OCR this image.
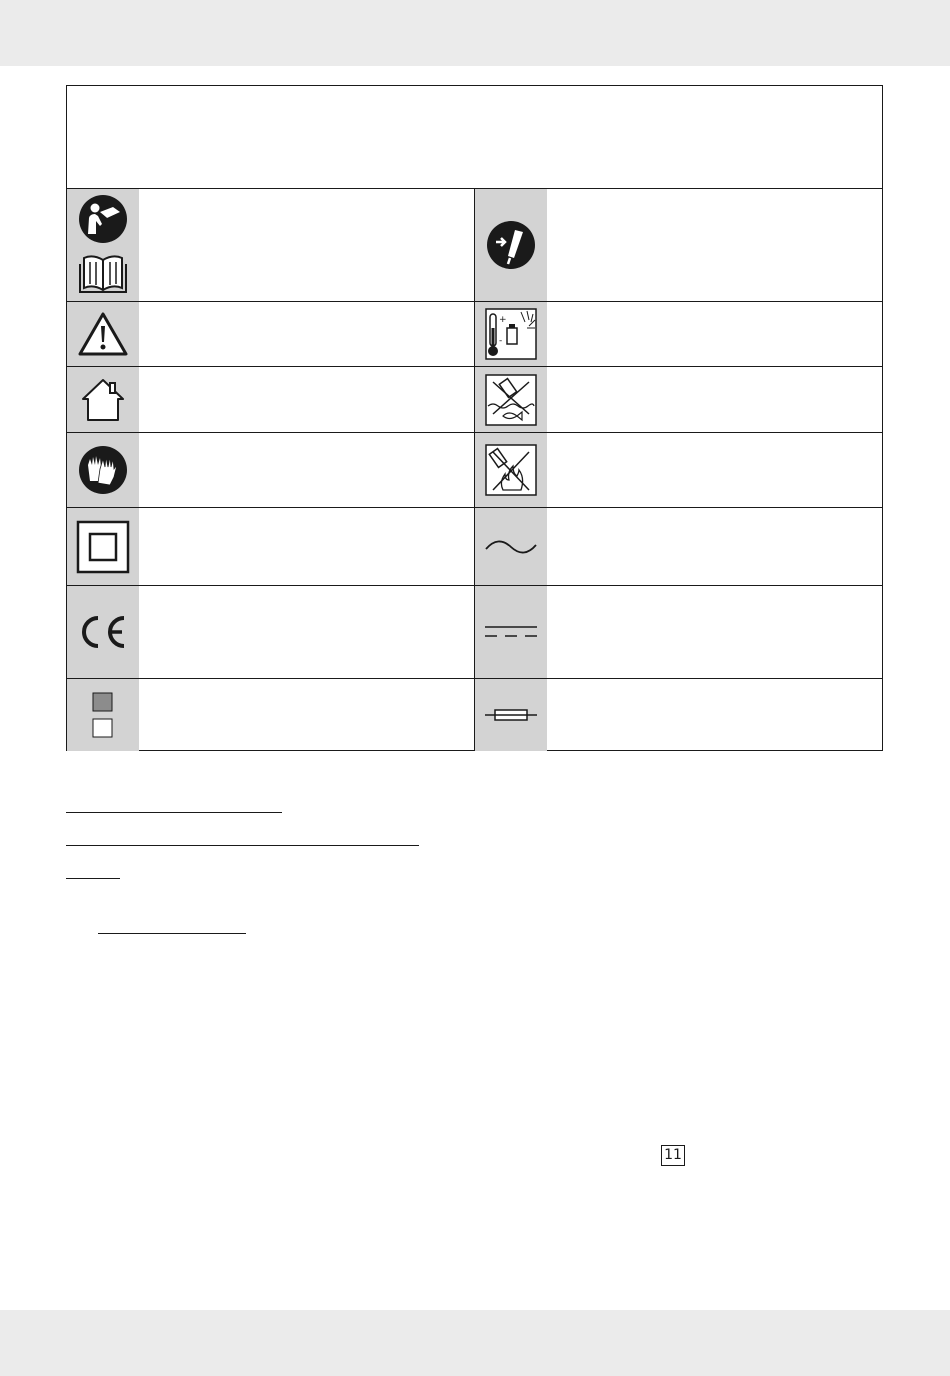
+
-
11
